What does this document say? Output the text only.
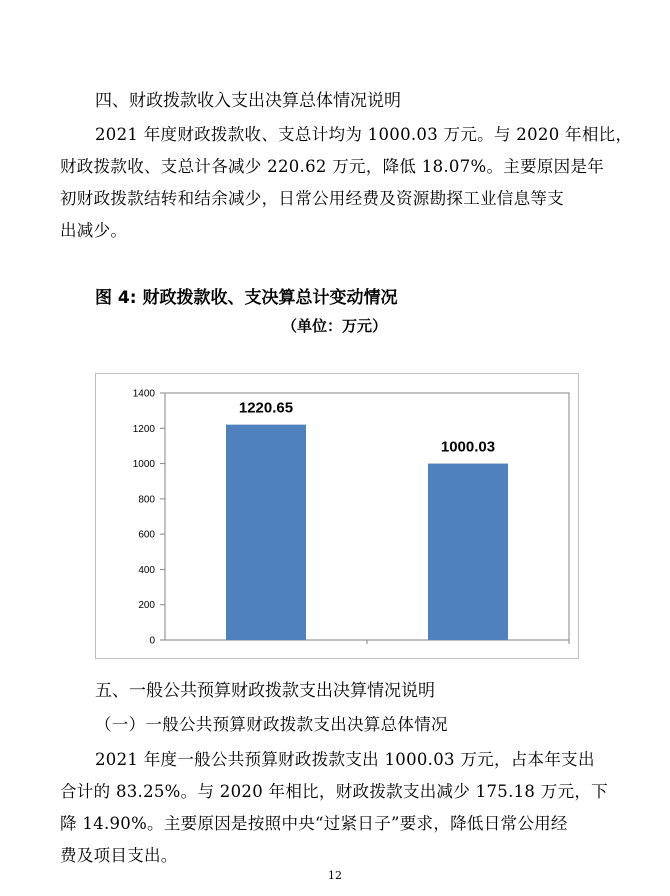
四、财政拨款收入支出决算总体情况说明
2021 年度财政拨款收、支总计均为 1000.03 万元。与 2020 年相比，
财政拨款收、支总计各减少 220.62 万元，降低 18.07%。主要原因是年
初财政拨款结转和结余减少，日常公用经费及资源勘探工业信息等支
出减少。
图 4: 财政拨款收、支决算总计变动情况
（单位：万元）
0
200
400
600
800
1000
1200
1400
1220.65
1000.03
五、一般公共预算财政拨款支出决算情况说明
（一）一般公共预算财政拨款支出决算总体情况
2021 年度一般公共预算财政拨款支出 1000.03 万元，占本年支出
合计的 83.25%。与 2020 年相比，财政拨款支出减少 175.18 万元，下
降 14.90%。主要原因是按照中央“过紧日子”要求，降低日常公用经
费及项目支出。
12
